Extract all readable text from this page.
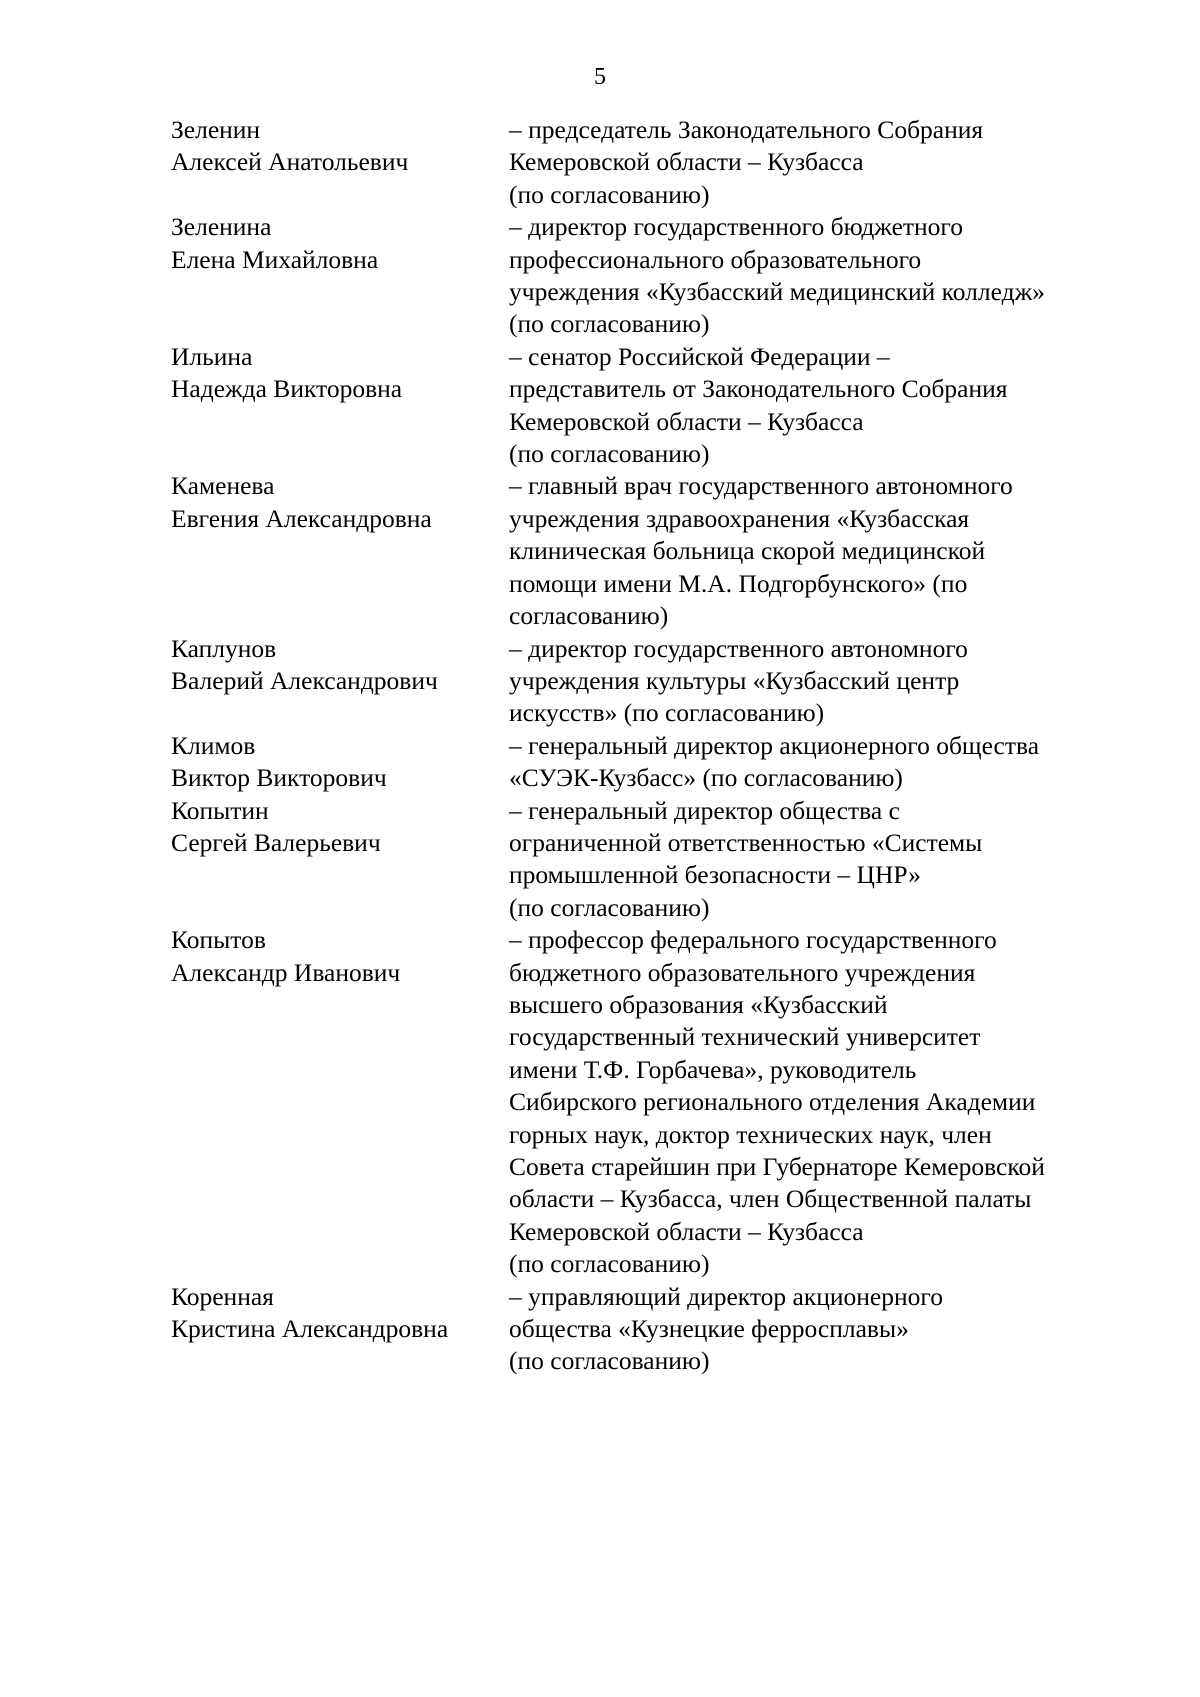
5
Зеленин
Алексей Анатольевич
– председатель Законодательного Собрания
Кемеровской области – Кузбасса
(по согласованию)
Зеленина
Елена Михайловна
– директор государственного бюджетного
профессионального образовательного
учреждения «Кузбасский медицинский колледж»
(по согласованию)
Ильина
Надежда Викторовна
– сенатор Российской Федерации –
представитель от Законодательного Собрания
Кемеровской области – Кузбасса
(по согласованию)
Каменева
Евгения Александровна
– главный врач государственного автономного
учреждения здравоохранения «Кузбасская
клиническая больница скорой медицинской
помощи имени М.А. Подгорбунского» (по
согласованию)
Каплунов
Валерий Александрович
– директор государственного автономного
учреждения культуры «Кузбасский центр
искусств» (по согласованию)
Климов
Виктор Викторович
– генеральный директор акционерного общества
«СУЭК-Кузбасс» (по согласованию)
Копытин
Сергей Валерьевич
– генеральный директор общества с
ограниченной ответственностью «Системы
промышленной безопасности – ЦНР»
(по согласованию)
Копытов
Александр Иванович
– профессор федерального государственного
бюджетного образовательного учреждения
высшего образования «Кузбасский
государственный технический университет
имени Т.Ф. Горбачева», руководитель
Сибирского регионального отделения Академии
горных наук, доктор технических наук, член
Совета старейшин при Губернаторе Кемеровской
области – Кузбасса, член Общественной палаты
Кемеровской области – Кузбасса
(по согласованию)
Коренная
Кристина Александровна
– управляющий директор акционерного
общества «Кузнецкие ферросплавы»
(по согласованию)
